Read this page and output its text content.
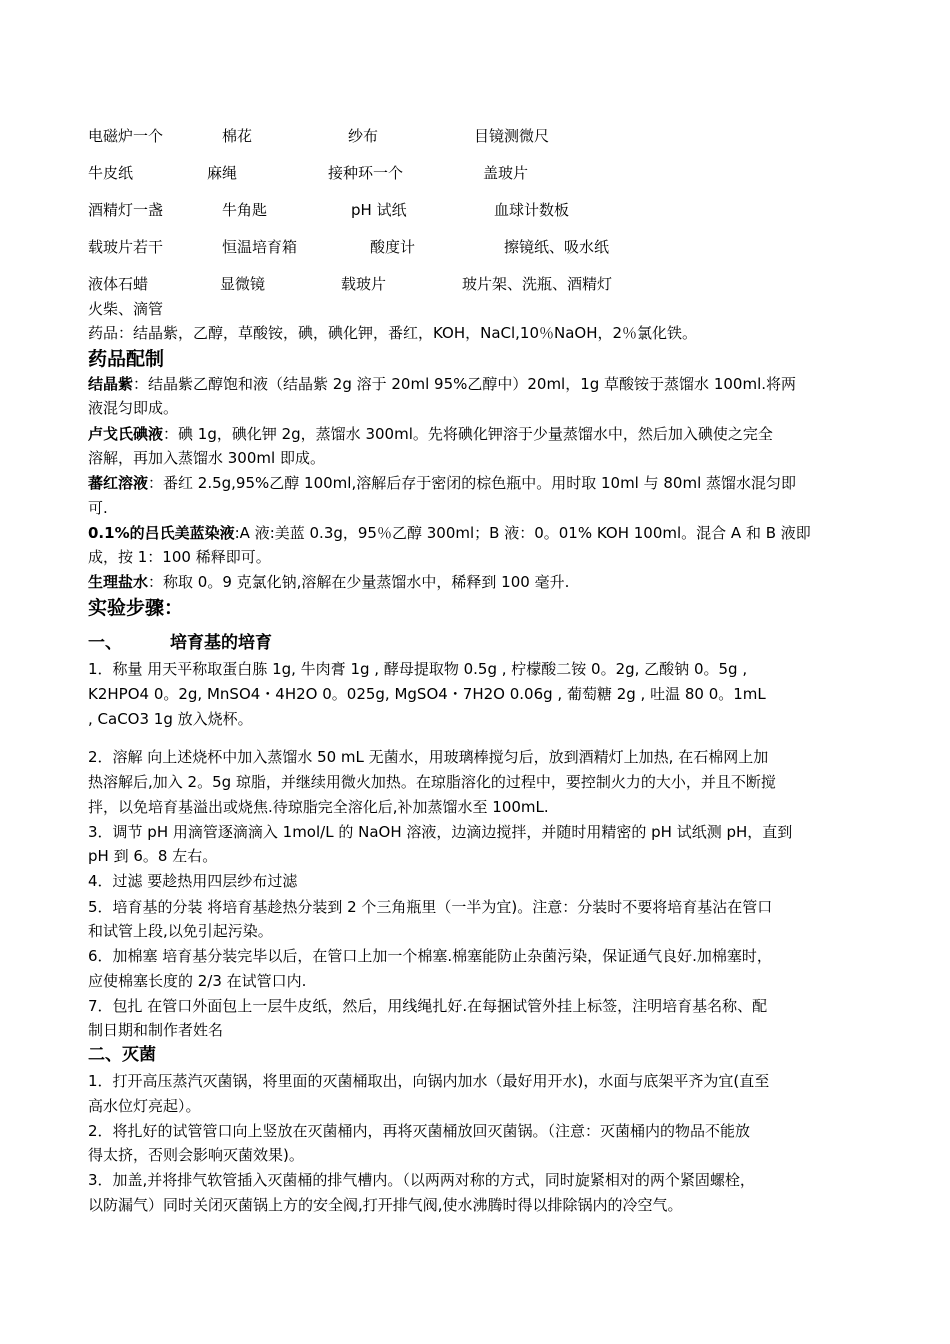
电磁炉一个	棉花	纱布	目镜测微尺
牛皮纸	麻绳	接种环一个	盖玻片
酒精灯一盏	牛角匙	pH 试纸	血球计数板
载玻片若干	恒温培育箱	酸度计	擦镜纸、吸水纸
液体石蜡	显微镜	载玻片	玻片架、洗瓶、酒精灯
火柴、滴管
药品：结晶紫，乙醇，草酸铵，碘，碘化钾，番红，KOH，NaCl,10％NaOH，2％氯化铁。
药品配制
结晶紫：结晶紫乙醇饱和液（结晶紫 2g 溶于 20ml 95%乙醇中）20ml，1g 草酸铵于蒸馏水 100ml.将两
液混匀即成。
卢戈氏碘液：碘 1g，碘化钾 2g，蒸馏水 300ml。先将碘化钾溶于少量蒸馏水中，然后加入碘使之完全
溶解，再加入蒸馏水 300ml 即成。
蕃红溶液：番红 2.5g,95%乙醇 100ml,溶解后存于密闭的棕色瓶中。用时取 10ml 与 80ml 蒸馏水混匀即
可.
0.1%的吕氏美蓝染液:A 液:美蓝 0.3g，95％乙醇 300ml；B 液：0。01% KOH 100ml。混合 A 和 B 液即
成，按 1：100 稀释即可。
生理盐水：称取 0。9 克氯化钠,溶解在少量蒸馏水中，稀释到 100 毫升.
实验步骤：
一、	培育基的培育
1．称量 用天平称取蛋白胨 1g, 牛肉膏 1g , 酵母提取物 0.5g , 柠檬酸二铵 0。2g, 乙酸钠 0。5g ,
K2HPO4 0。2g, MnSO4・4H2O 0。025g, MgSO4・7H2O 0.06g , 葡萄糖 2g , 吐温 80 0。1mL
, CaCO3 1g 放入烧杯。
2．溶解 向上述烧杯中加入蒸馏水 50 mL 无菌水，用玻璃棒搅匀后，放到酒精灯上加热, 在石棉网上加
热溶解后,加入 2。5g 琼脂，并继续用微火加热。在琼脂溶化的过程中，要控制火力的大小，并且不断搅
拌，以免培育基溢出或烧焦.待琼脂完全溶化后,补加蒸馏水至 100mL.
3．调节 pH 用滴管逐滴滴入 1mol/L 的 NaOH 溶液，边滴边搅拌，并随时用精密的 pH 试纸测 pH，直到
pH 到 6。8 左右。
4．过滤 要趁热用四层纱布过滤
5．培育基的分装 将培育基趁热分装到 2 个三角瓶里（一半为宜)。注意：分装时不要将培育基沾在管口
和试管上段,以免引起污染。
6．加棉塞 培育基分装完毕以后，在管口上加一个棉塞.棉塞能防止杂菌污染，保证通气良好.加棉塞时，
应使棉塞长度的 2/3 在试管口内.
7．包扎 在管口外面包上一层牛皮纸，然后，用线绳扎好.在每捆试管外挂上标签，注明培育基名称、配
制日期和制作者姓名
二、灭菌
1．打开高压蒸汽灭菌锅，将里面的灭菌桶取出，向锅内加水（最好用开水)，水面与底架平齐为宜(直至
高水位灯亮起）。
2．将扎好的试管管口向上竖放在灭菌桶内，再将灭菌桶放回灭菌锅。（注意：灭菌桶内的物品不能放
得太挤，否则会影响灭菌效果)。
3．加盖,并将排气软管插入灭菌桶的排气槽内。（以两两对称的方式，同时旋紧相对的两个紧固螺栓，
以防漏气）同时关闭灭菌锅上方的安全阀,打开排气阀,使水沸腾时得以排除锅内的冷空气。
